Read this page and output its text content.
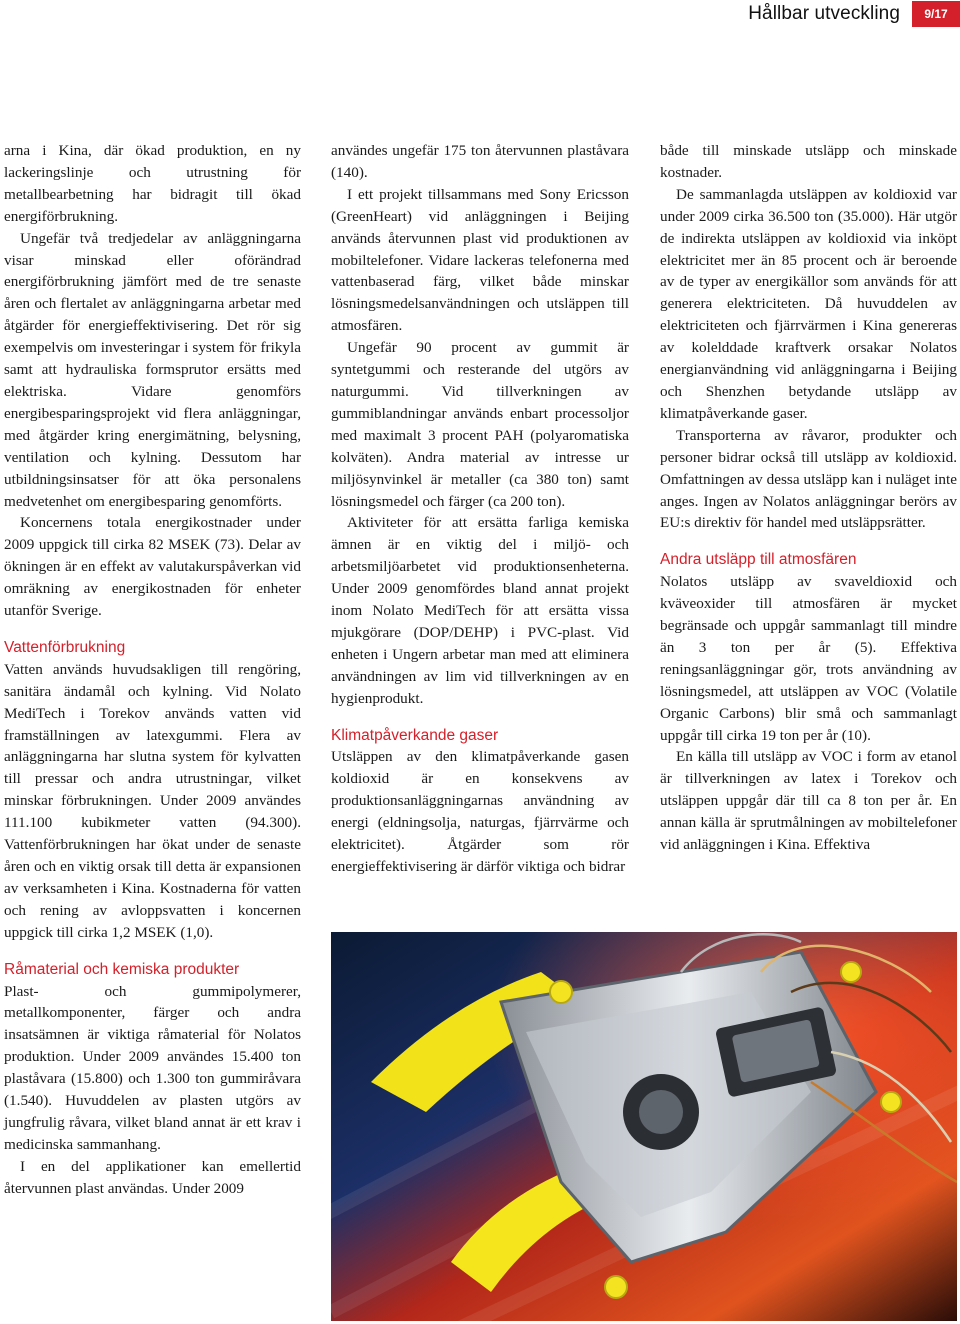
Hållbar utveckling	9/17

arna i Kina, där ökad produktion, en ny lackeringslinje och utrustning för metallbearbetning har bidragit till ökad energiförbrukning.

Ungefär två tredjedelar av anläggningarna visar minskad eller oförändrad energiförbrukning jämfört med de tre senaste åren och flertalet av anläggningarna arbetar med åtgärder för energieffektivisering. Det rör sig exempelvis om investeringar i system för frikyla samt att hydrauliska formsprutor ersätts med elektriska. Vidare genomförs energibesparingsprojekt vid flera anläggningar, med åtgärder kring energimätning, belysning, ventilation och kylning. Dessutom har utbildningsinsatser för att öka personalens medvetenhet om energibesparing genomförts.

Koncernens totala energikostnader under 2009 uppgick till cirka 82 MSEK (73). Delar av ökningen är en effekt av valutakurspåverkan vid omräkning av energikostnaden för enheter utanför Sverige.

Vattenförbrukning

Vatten används huvudsakligen till rengöring, sanitära ändamål och kylning. Vid Nolato MediTech i Torekov används vatten vid framställningen av latexgummi. Flera av anläggningarna har slutna system för kylvatten till pressar och andra utrustningar, vilket minskar förbrukningen. Under 2009 användes 111.100 kubikmeter vatten (94.300). Vattenförbrukningen har ökat under de senaste åren och en viktig orsak till detta är expansionen av verksamheten i Kina. Kostnaderna för vatten och rening av avloppsvatten i koncernen uppgick till cirka 1,2 MSEK (1,0).

Råmaterial och kemiska produkter

Plast- och gummipolymerer, metallkomponenter, färger och andra insatsämnen är viktiga råmaterial för Nolatos produktion. Under 2009 användes 15.400 ton plaståvara (15.800) och 1.300 ton gummiråvara (1.540). Huvuddelen av plasten utgörs av jungfrulig råvara, vilket bland annat är ett krav i medicinska sammanhang.

I en del applikationer kan emellertid återvunnen plast användas. Under 2009

användes ungefär 175 ton återvunnen plaståvara (140).

I ett projekt tillsammans med Sony Ericsson (GreenHeart) vid anläggningen i Beijing används återvunnen plast vid produktionen av mobiltelefoner. Vidare lackeras telefonerna med vattenbaserad färg, vilket både minskar lösningsmedelsanvändningen och utsläppen till atmosfären.

Ungefär 90 procent av gummit är syntetgummi och resterande del utgörs av naturgummi. Vid tillverkningen av gummiblandningar används enbart processoljor med maximalt 3 procent PAH (polyaromatiska kolväten). Andra material av intresse ur miljösynvinkel är metaller (ca 380 ton) samt lösningsmedel och färger (ca 200 ton).

Aktiviteter för att ersätta farliga kemiska ämnen är en viktig del i miljö- och arbetsmiljöarbetet vid produktionsenheterna. Under 2009 genomfördes bland annat projekt inom Nolato MediTech för att ersätta vissa mjukgörare (DOP/DEHP) i PVC-plast. Vid enheten i Ungern arbetar man med att eliminera användningen av lim vid tillverkningen av en hygienprodukt.

Klimatpåverkande gaser

Utsläppen av den klimatpåverkande gasen koldioxid är en konsekvens av produktionsanläggningarnas användning av energi (eldningsolja, naturgas, fjärrvärme och elektricitet). Åtgärder som rör energieffektivisering är därför viktiga och bidrar

både till minskade utsläpp och minskade kostnader.

De sammanlagda utsläppen av koldioxid var under 2009 cirka 36.500 ton (35.000). Här utgör de indirekta utsläppen av koldioxid via inköpt elektricitet mer än 85 procent och är beroende av de typer av energikällor som används för att generera elektriciteten. Då huvuddelen av elektriciteten och fjärrvärmen i Kina genereras av kolelddade kraftverk orsakar Nolatos energianvändning vid anläggningarna i Beijing och Shenzhen betydande utsläpp av klimatpåverkande gaser.

Transporterna av råvaror, produkter och personer bidrar också till utsläpp av koldioxid. Omfattningen av dessa utsläpp kan i nuläget inte anges. Ingen av Nolatos anläggningar berörs av EU:s direktiv för handel med utsläppsrätter.

Andra utsläpp till atmosfären

Nolatos utsläpp av svaveldioxid och kväveoxider till atmosfären är mycket begränsade och uppgår sammanlagt till mindre än 3 ton per år (5). Effektiva reningsanläggningar gör, trots användning av lösningsmedel, att utsläppen av VOC (Volatile Organic Carbons) blir små och sammanlagt uppgår till cirka 19 ton per år (10).

En källa till utsläpp av VOC i form av etanol är tillverkningen av latex i Torekov och utsläppen uppgår där till ca 8 ton per år. En annan källa är sprutmålningen av mobiltelefoner vid anläggningen i Kina. Effektiva
